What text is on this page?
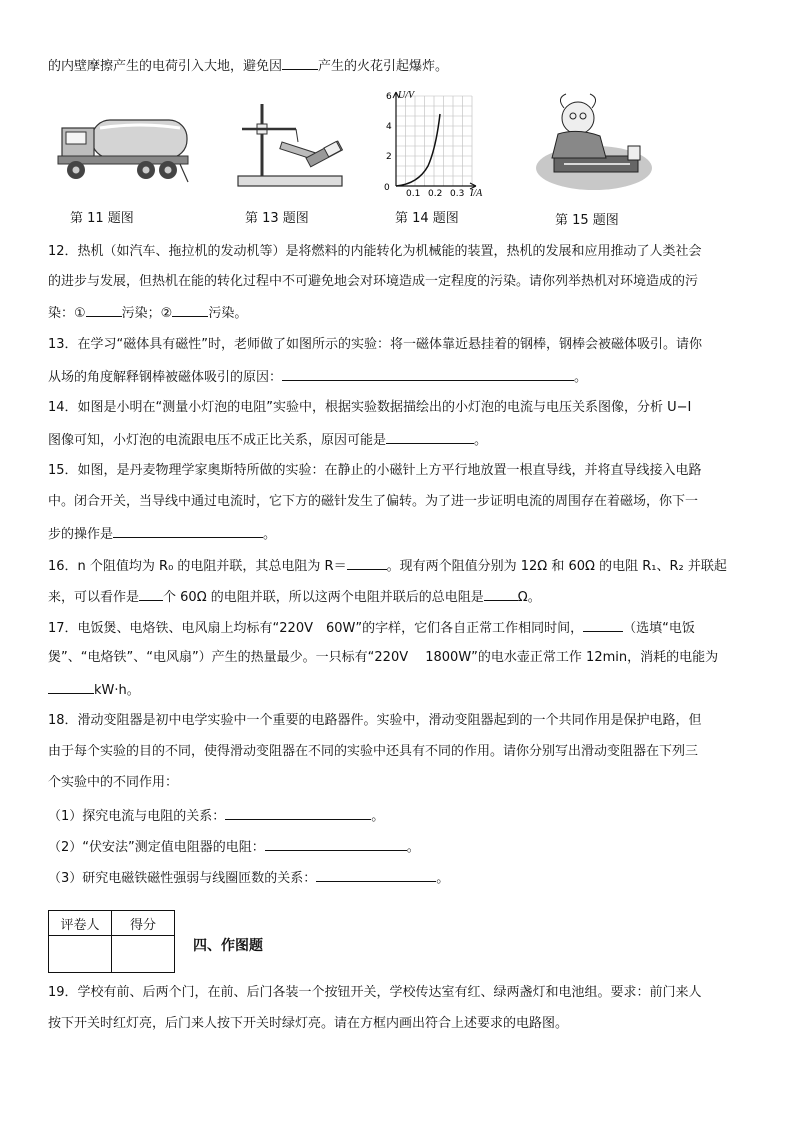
的内壁摩擦产生的电荷引入大地，避免因	产生的火花引起爆炸。
第 11 题图	第 13 题图
U/V
I/A
0
2
4
6
0.1 0.2 0.3
第 14 题图	第 15 题图
12．热机（如汽车、拖拉机的发动机等）是将燃料的内能转化为机械能的装置，热机的发展和应用推动了人类社会
的进步与发展，但热机在能的转化过程中不可避免地会对环境造成一定程度的污染。请你列举热机对环境造成的污
染：①	污染；②	污染。
13．在学习“磁体具有磁性”时，老师做了如图所示的实验：将一磁体靠近悬挂着的钢棒，钢棒会被磁体吸引。请你
从场的角度解释钢棒被磁体吸引的原因：	。
14．如图是小明在“测量小灯泡的电阻”实验中，根据实验数据描绘出的小灯泡的电流与电压关系图像，分析 U−I
图像可知，小灯泡的电流跟电压不成正比关系，原因可能是	。
15．如图，是丹麦物理学家奥斯特所做的实验：在静止的小磁针上方平行地放置一根直导线，并将直导线接入电路
中。闭合开关，当导线中通过电流时，它下方的磁针发生了偏转。为了进一步证明电流的周围存在着磁场，你下一
步的操作是	。
16．n 个阻值均为 R₀ 的电阻并联，其总电阻为 R＝	。现有两个阻值分别为 12Ω 和 60Ω 的电阻 R₁、R₂ 并联起
来，可以看作是 个 60Ω 的电阻并联，所以这两个电阻并联后的总电阻是	Ω。
17．电饭煲、电烙铁、电风扇上均标有“220V　60W”的字样，它们各自正常工作相同时间，	（选填“电饭
煲”、“电烙铁”、“电风扇”）产生的热量最少。一只标有“220V　 1800W”的电水壶正常工作 12min，消耗的电能为
kW·h。
18．滑动变阻器是初中电学实验中一个重要的电路器件。实验中，滑动变阻器起到的一个共同作用是保护电路，但
由于每个实验的目的不同，使得滑动变阻器在不同的实验中还具有不同的作用。请你分别写出滑动变阻器在下列三
个实验中的不同作用：
（1）探究电流与电阻的关系：	。
（2）“伏安法”测定值电阻器的电阻：	。
（3）研究电磁铁磁性强弱与线圈匝数的关系：	。
评卷人	得分

四、作图题
19．学校有前、后两个门，在前、后门各装一个按钮开关，学校传达室有红、绿两盏灯和电池组。要求：前门来人
按下开关时红灯亮，后门来人按下开关时绿灯亮。请在方框内画出符合上述要求的电路图。
